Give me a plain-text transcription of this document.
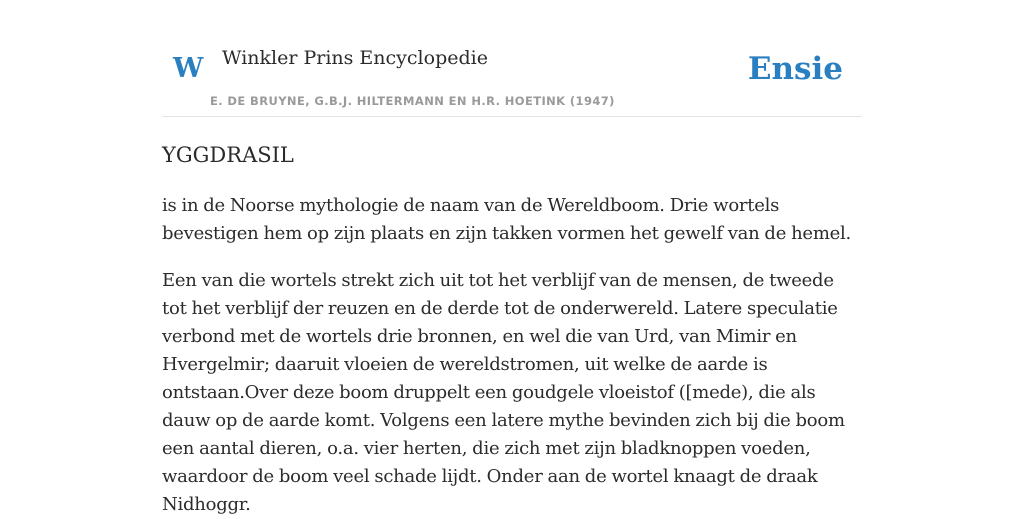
W Winkler Prins Encyclopedie
E. DE BRUYNE, G.B.J. HILTERMANN EN H.R. HOETINK (1947)
Ensie
YGGDRASIL

is in de Noorse mythologie de naam van de Wereldboom. Drie wortels bevestigen hem op zijn plaats en zijn takken vormen het gewelf van de hemel.

Een van die wortels strekt zich uit tot het verblijf van de mensen, de tweede tot het verblijf der reuzen en de derde tot de onderwereld. Latere speculatie verbond met de wortels drie bronnen, en wel die van Urd, van Mimir en Hvergelmir; daaruit vloeien de wereldstromen, uit welke de aarde is ontstaan.Over deze boom druppelt een goudgele vloeistof ([mede), die als dauw op de aarde komt. Volgens een latere mythe bevinden zich bij die boom een aantal dieren, o.a. vier herten, die zich met zijn bladknoppen voeden, waardoor de boom veel schade lijdt. Onder aan de wortel knaagt de draak Nidhoggr.
